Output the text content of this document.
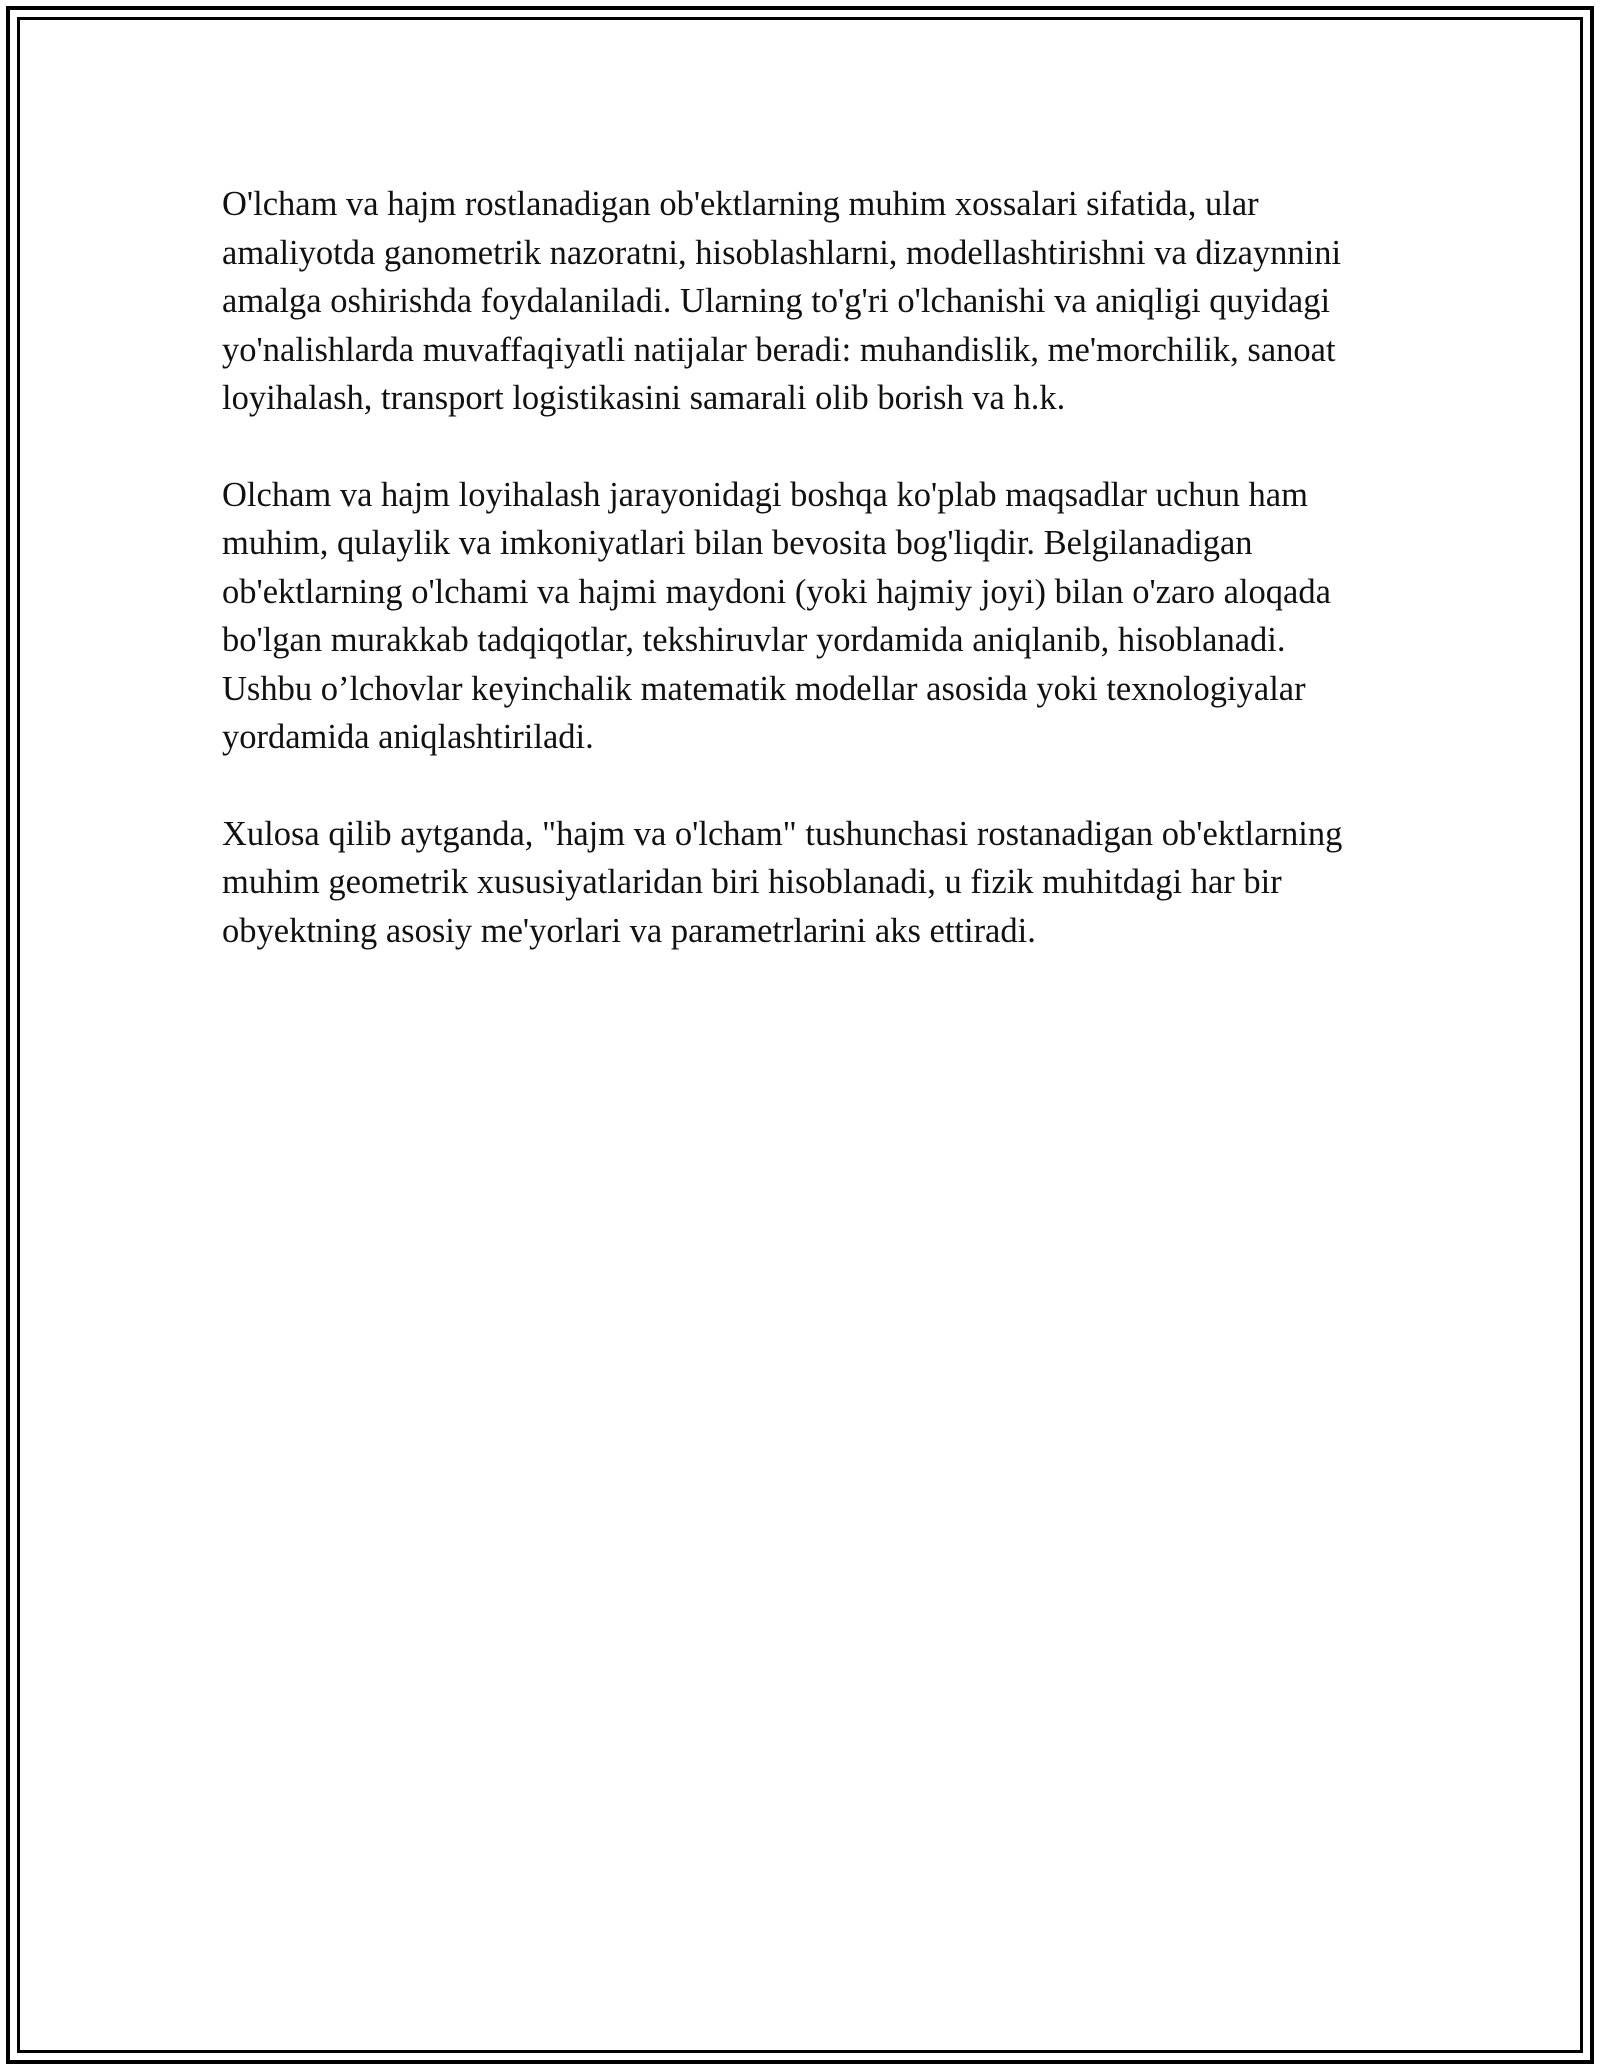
O'lcham va hajm rostlanadigan ob'ektlarning muhim xossalari sifatida, ular amaliyotda ganometrik nazoratni, hisoblashlarni, modellashtirishni va dizaynnini amalga oshirishda foydalaniladi. Ularning to'g'ri o'lchanishi va aniqligi quyidagi yo'nalishlarda muvaffaqiyatli natijalar beradi: muhandislik, me'morchilik, sanoat loyihalash, transport logistikasini samarali olib borish va h.k.

Olcham va hajm loyihalash jarayonidagi boshqa ko'plab maqsadlar uchun ham muhim, qulaylik va imkoniyatlari bilan bevosita bog'liqdir. Belgilanadigan ob'ektlarning o'lchami va hajmi maydoni (yoki hajmiy joyi) bilan o'zaro aloqada bo'lgan murakkab tadqiqotlar, tekshiruvlar yordamida aniqlanib, hisoblanadi. Ushbu o’lchovlar keyinchalik matematik modellar asosida yoki texnologiyalar yordamida aniqlashtiriladi.

Xulosa qilib aytganda, "hajm va o'lcham" tushunchasi rostanadigan ob'ektlarning muhim geometrik xususiyatlaridan biri hisoblanadi, u fizik muhitdagi har bir obyektning asosiy me'yorlari va parametrlarini aks ettiradi.
